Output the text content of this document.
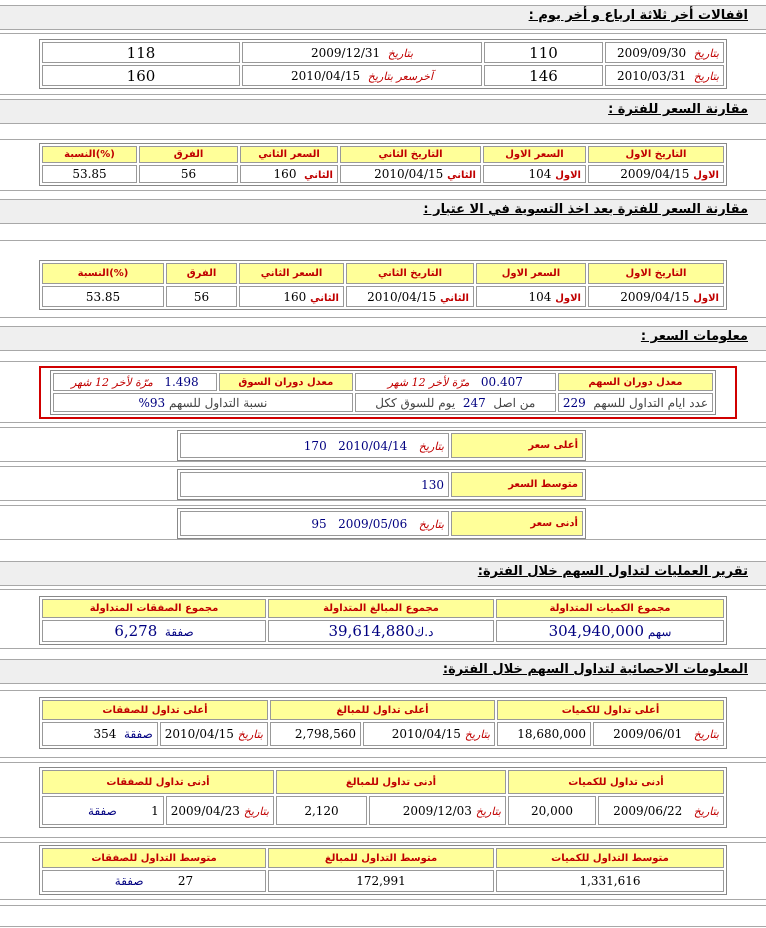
اقفالات أخر ثلاثة ارباع و أخر يوم :
بتاريخ  2009/09/30	110	بتاريخ  2009/12/31	118
بتاريخ  2010/03/31	146	آخرسعر بتاريخ  2010/04/15	160
مقارنة السعر للفترة :
التاريخ الاول	السعر الاول	التاريخ الثاني	السعر الثاني	الفرق	(%)النسبة
الاول 2009/04/15	الاول 104	الثاني 2010/04/15	الثاني  160	56	53.85
مقارنة السعر للفترة بعد اخذ التسوية في الا عتبار :
التاريخ الاول	السعر الاول	التاريخ الثاني	السعر الثاني	الفرق	(%)النسبة
الاول 2009/04/15	الاول 104	الثاني 2010/04/15	الثاني 160	56	53.85
معلومات السعر :
معدل دوران السهم	00.407   مرّة لأخر 12 شهر	معدل دوران السوق	1.498   مرّة لأخر 12 شهر
عدد ايام التداول للسهم  229	من اصل  247  يوم للسوق ككل	نسبة التداول للسهم 93%	
أعلى سعر	بتاريخ   2010/04/14   170
متوسط السعر	130
أدنى سعر	بتاريخ   2009/05/06   95
تقرير العمليات لتداول السهم خلال الفترة:
مجموع الكميات المتداولة	مجموع المبالغ المتداولة	مجموع الصفقات المتداولة
سهم 304,940,000	د.ك39,614,880	صفقة  6,278
المعلومات الاحصائية لتداول السهم خلال الفترة:
أعلى تداول للكميات		أعلى تداول للمبالغ		أعلى تداول للصفقات	
بتاريخ   2009/06/01	18,680,000	بتاريخ 2010/04/15	2,798,560	بتاريخ 2010/04/15	صفقة  354
أدنى تداول للكميات		أدنى تداول للمبالغ		أدنى تداول للصفقات	
بتاريخ   2009/06/22	20,000	بتاريخ 2009/12/03	2,120	بتاريخ 2009/04/23	1         صفقة
متوسط التداول للكميات	متوسط التداول للمبالغ	متوسط التداول للصفقات
1,331,616	172,991	27         صفقة
